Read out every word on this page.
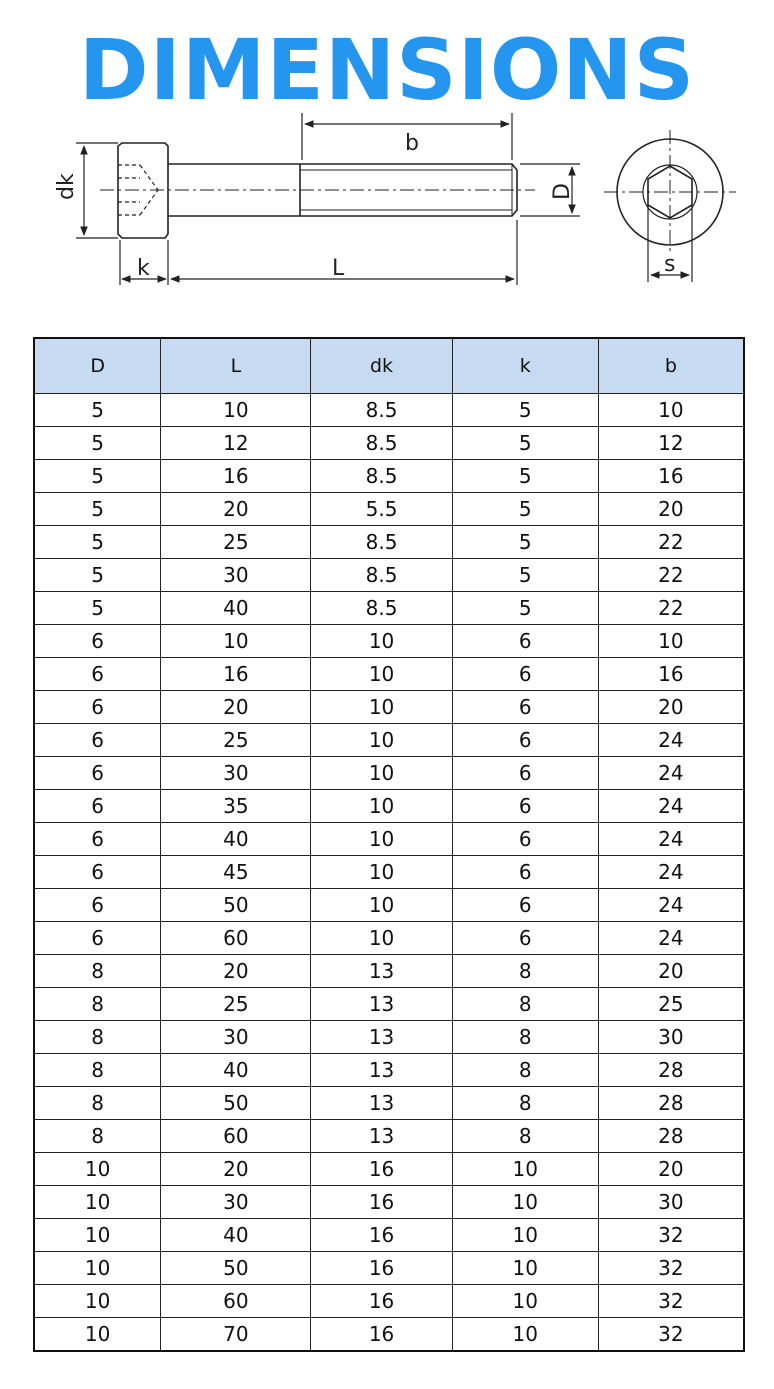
DIMENSIONS
b
dk	D
k	L	s
D	L	dk	k	b
5	10	8.5	5	10
5	12	8.5	5	12
5	16	8.5	5	16
5	20	5.5	5	20
5	25	8.5	5	22
5	30	8.5	5	22
5	40	8.5	5	22
6	10	10	6	10
6	16	10	6	16
6	20	10	6	20
6	25	10	6	24
6	30	10	6	24
6	35	10	6	24
6	40	10	6	24
6	45	10	6	24
6	50	10	6	24
6	60	10	6	24
8	20	13	8	20
8	25	13	8	25
8	30	13	8	30
8	40	13	8	28
8	50	13	8	28
8	60	13	8	28
10	20	16	10	20
10	30	16	10	30
10	40	16	10	32
10	50	16	10	32
10	60	16	10	32
10	70	16	10	32
